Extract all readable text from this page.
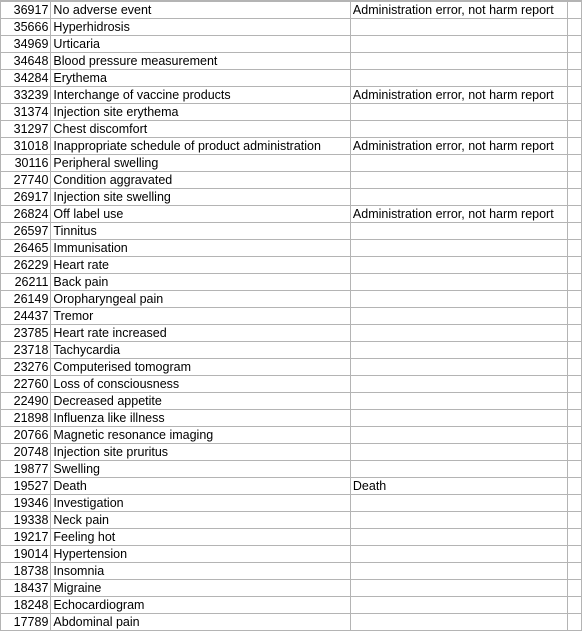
36917	No adverse event	Administration error, not harm report	
35666	Hyperhidrosis		
34969	Urticaria		
34648	Blood pressure measurement		
34284	Erythema		
33239	Interchange of vaccine products	Administration error, not harm report	
31374	Injection site erythema		
31297	Chest discomfort		
31018	Inappropriate schedule of product administration	Administration error, not harm report	
30116	Peripheral swelling		
27740	Condition aggravated		
26917	Injection site swelling		
26824	Off label use	Administration error, not harm report	
26597	Tinnitus		
26465	Immunisation		
26229	Heart rate		
26211	Back pain		
26149	Oropharyngeal pain		
24437	Tremor		
23785	Heart rate increased		
23718	Tachycardia		
23276	Computerised tomogram		
22760	Loss of consciousness		
22490	Decreased appetite		
21898	Influenza like illness		
20766	Magnetic resonance imaging		
20748	Injection site pruritus		
19877	Swelling		
19527	Death	Death	
19346	Investigation		
19338	Neck pain		
19217	Feeling hot		
19014	Hypertension		
18738	Insomnia		
18437	Migraine		
18248	Echocardiogram		
17789	Abdominal pain		
